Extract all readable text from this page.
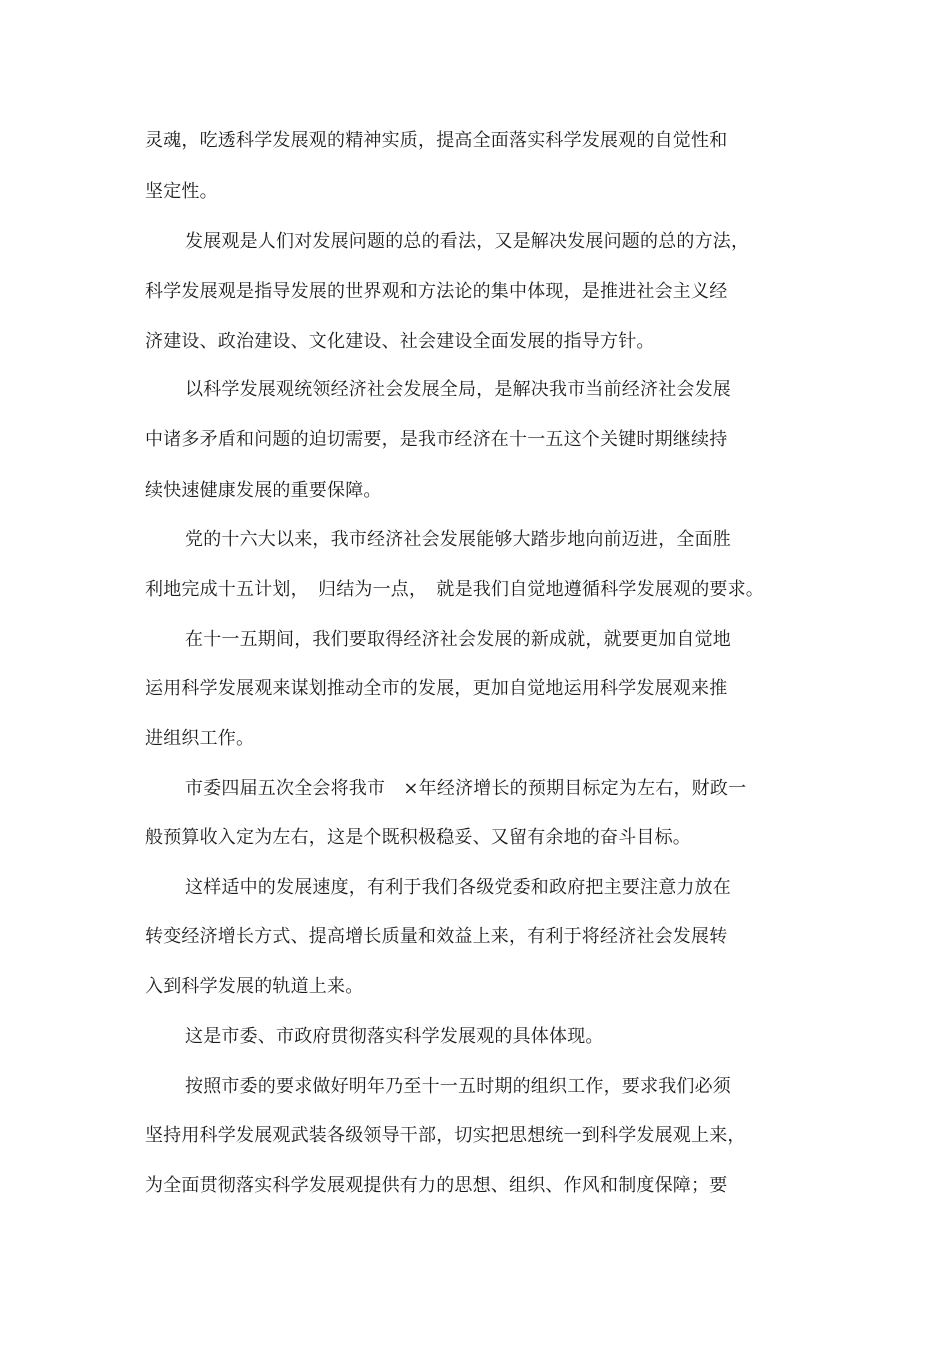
灵魂，吃透科学发展观的精神实质，提高全面落实科学发展观的自觉性和

坚定性。

发展观是人们对发展问题的总的看法，又是解决发展问题的总的方法，

科学发展观是指导发展的世界观和方法论的集中体现，是推进社会主义经

济建设、政治建设、文化建设、社会建设全面发展的指导方针。

以科学发展观统领经济社会发展全局，是解决我市当前经济社会发展

中诸多矛盾和问题的迫切需要，是我市经济在十一五这个关键时期继续持

续快速健康发展的重要保障。

党的十六大以来，我市经济社会发展能够大踏步地向前迈进，全面胜

利地完成十五计划，　归结为一点，　就是我们自觉地遵循科学发展观的要求。

在十一五期间，我们要取得经济社会发展的新成就，就要更加自觉地

运用科学发展观来谋划推动全市的发展，更加自觉地运用科学发展观来推

进组织工作。

市委四届五次全会将我市　×年经济增长的预期目标定为左右，财政一

般预算收入定为左右，这是个既积极稳妥、又留有余地的奋斗目标。

这样适中的发展速度，有利于我们各级党委和政府把主要注意力放在

转变经济增长方式、提高增长质量和效益上来，有利于将经济社会发展转

入到科学发展的轨道上来。

这是市委、市政府贯彻落实科学发展观的具体体现。

按照市委的要求做好明年乃至十一五时期的组织工作，要求我们必须

坚持用科学发展观武装各级领导干部，切实把思想统一到科学发展观上来，

为全面贯彻落实科学发展观提供有力的思想、组织、作风和制度保障；要
